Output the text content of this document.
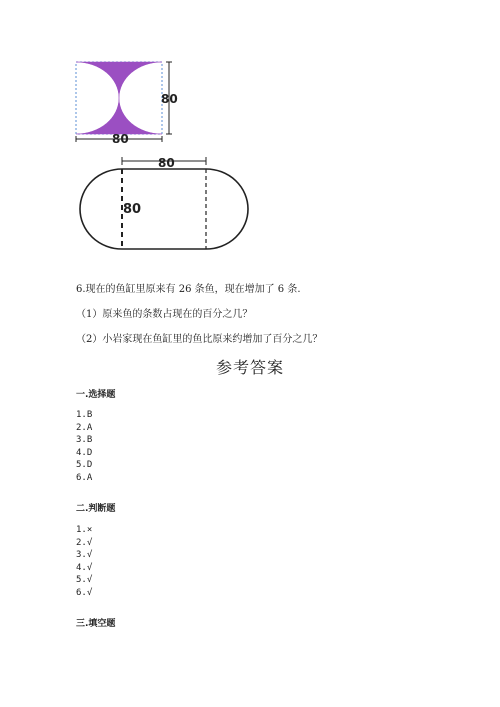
80
80
80
80
6.现在的鱼缸里原来有 26 条鱼，现在增加了 6 条.
（1）原来鱼的条数占现在的百分之几？
（2）小岩家现在鱼缸里的鱼比原来约增加了百分之几？
参考答案
一.选择题
1.B
2.A
3.B
4.D
5.D
6.A
二.判断题
1.×
2.√
3.√
4.√
5.√
6.√
三.填空题
